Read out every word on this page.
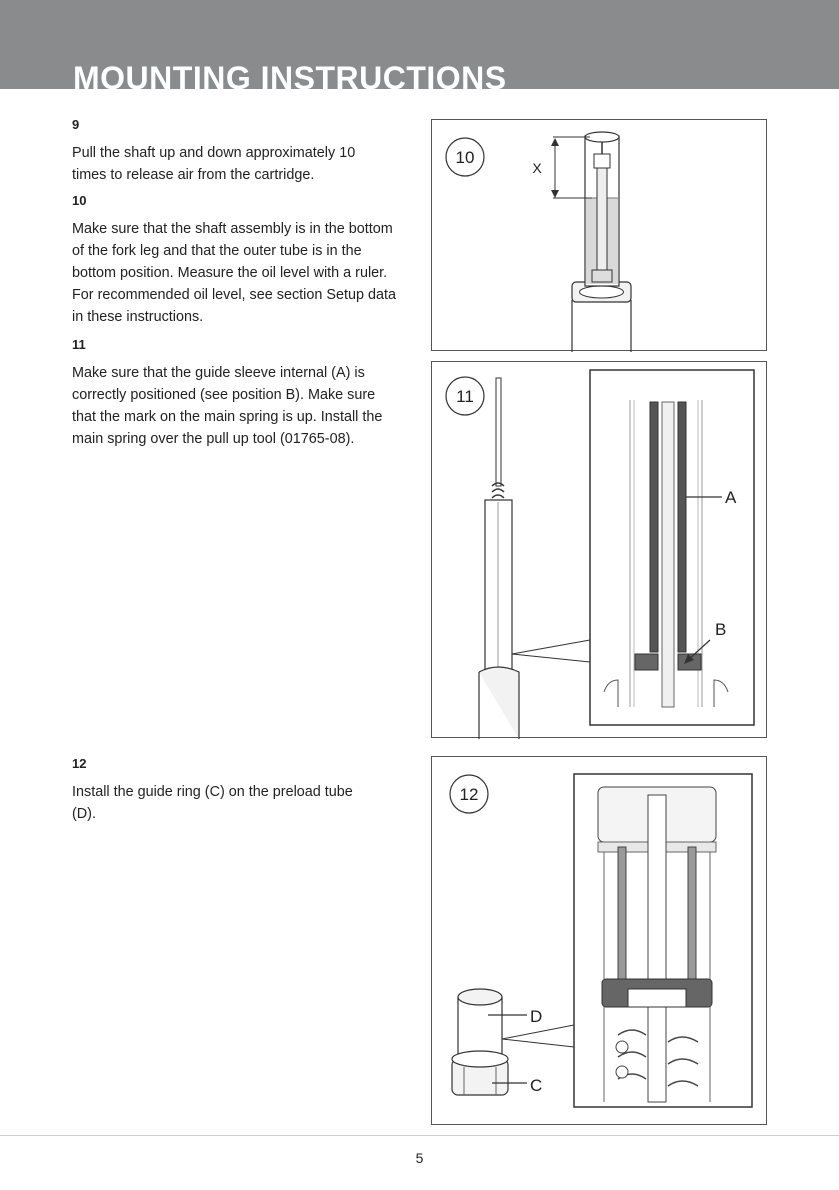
MOUNTING INSTRUCTIONS

9

Pull the shaft up and down approximately 10 times to release air from the cartridge.

10

Make sure that the shaft assembly is in the bottom of the fork leg and that the outer tube is in the bottom position. Measure the oil level with a ruler. For recommended oil level, see section Setup data in these instructions.

11

Make sure that the guide sleeve internal (A) is correctly positioned (see position B). Make sure that the mark on the main spring is up. Install the main spring over the pull up tool (01765-08).

12

Install the guide ring (C) on the preload tube (D).

10
X
11
A
B
12
D
C
5
